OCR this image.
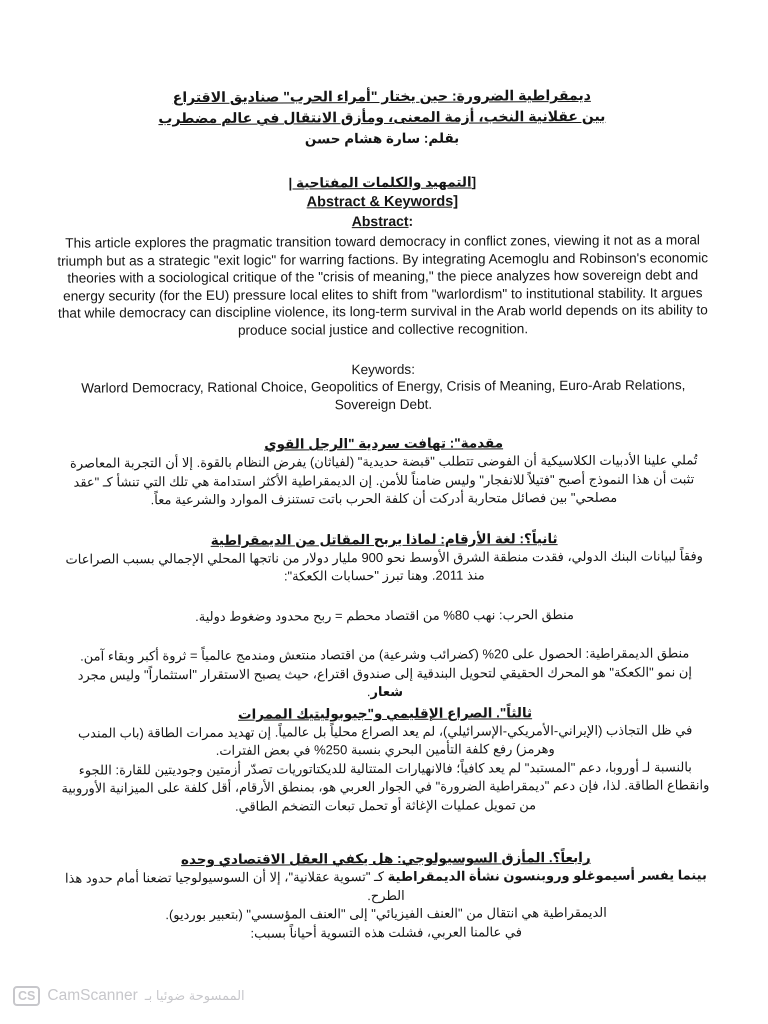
ديمقراطية الضرورة: حين يختار "أمراء الحرب" صناديق الاقتراع
بين عقلانية النخب، أزمة المعنى، ومأزق الانتقال في عالم مضطرب
بقلم: سارة هشام حسن
| التمهيد والكلمات المفتاحية]
Abstract & Keywords]
Abstract:
This article explores the pragmatic transition toward democracy in conflict zones, viewing it not as a moral triumph but as a strategic "exit logic" for warring factions. By integrating Acemoglu and Robinson's economic theories with a sociological critique of the "crisis of meaning," the piece analyzes how sovereign debt and energy security (for the EU) pressure local elites to shift from "warlordism" to institutional stability. It argues that while democracy can discipline violence, its long-term survival in the Arab world depends on its ability to produce social justice and collective recognition.
Keywords:
Warlord Democracy, Rational Choice, Geopolitics of Energy, Crisis of Meaning, Euro-Arab Relations, Sovereign Debt.
مقدمة": تهافت سردية "الرجل القوي
تُملي علينا الأدبيات الكلاسيكية أن الفوضى تتطلب "قبضة حديدية" (لفياثان) يفرض النظام بالقوة. إلا أن التجربة المعاصرة تثبت أن هذا النموذج أصبح "فتيلاً للانفجار" وليس ضامناً للأمن. إن الديمقراطية الأكثر استدامة هي تلك التي تنشأ كـ "عقد مصلحي" بين فصائل متحاربة أدركت أن كلفة الحرب باتت تستنزف الموارد والشرعية معاً.
ثانياً؟: لغة الأرقام: لماذا يربح المقاتل من الديمقراطية
وفقاً لبيانات البنك الدولي، فقدت منطقة الشرق الأوسط نحو 900 مليار دولار من ناتجها المحلي الإجمالي بسبب الصراعات منذ 2011. وهنا تبرز "حسابات الكعكة":
منطق الحرب: نهب 80% من اقتصاد محطم = ربح محدود وضغوط دولية.
منطق الديمقراطية: الحصول على 20% (كضرائب وشرعية) من اقتصاد منتعش ومندمج عالمياً = ثروة أكبر وبقاء آمن.
إن نمو "الكعكة" هو المحرك الحقيقي لتحويل البندقية إلى صندوق اقتراع، حيث يصبح الاستقرار "استثماراً" وليس مجرد شعار.
ثالثاً". الصراع الإقليمي و"جيوبوليتيك الممرات
في ظل التجاذب (الإيراني-الأمريكي-الإسرائيلي)، لم يعد الصراع محلياً بل عالمياً. إن تهديد ممرات الطاقة (باب المندب وهرمز) رفع كلفة التأمين البحري بنسبة 250% في بعض الفترات.
بالنسبة لـ أوروبا، دعم "المستبد" لم يعد كافياً؛ فالانهيارات المتتالية للديكتاتوريات تصدّر أزمتين وجوديتين للقارة: اللجوء وانقطاع الطاقة. لذا، فإن دعم "ديمقراطية الضرورة" في الجوار العربي هو، بمنطق الأرقام، أقل كلفة على الميزانية الأوروبية من تمويل عمليات الإغاثة أو تحمل تبعات التضخم الطاقي.
رابعاً؟. المأزق السوسيولوجي: هل يكفي العقل الاقتصادي وحده
بينما يفسر أسيموغلو وروبنسون نشأة الديمقراطية كـ "تسوية عقلانية"، إلا أن السوسيولوجيا تضعنا أمام حدود هذا الطرح.
الديمقراطية هي انتقال من "العنف الفيزيائي" إلى "العنف المؤسسي" (بتعبير بورديو).
في عالمنا العربي، فشلت هذه التسوية أحياناً بسبب:
CS CamScanner الممسوحة ضوئيا بـ
